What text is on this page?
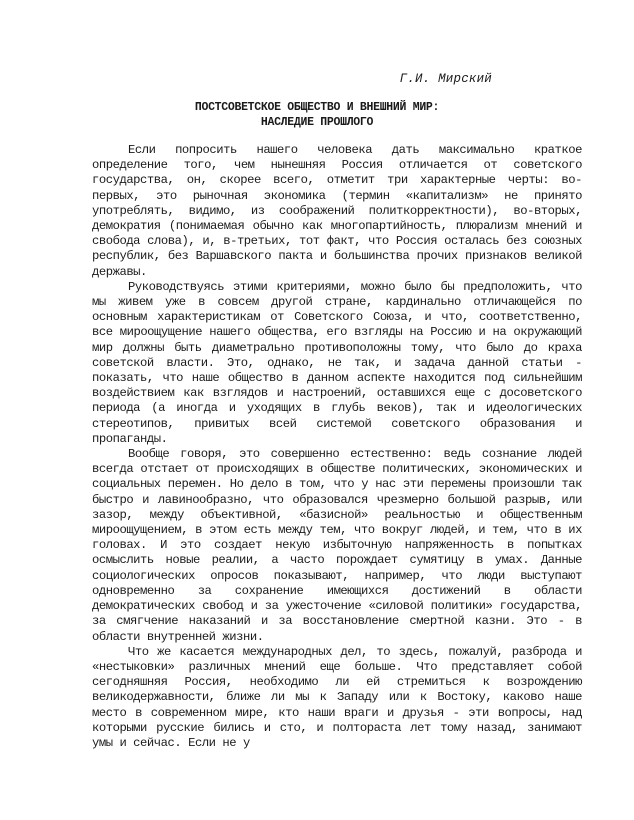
Г.И. Мирский
ПОСТСОВЕТСКОЕ ОБЩЕСТВО И ВНЕШНИЙ МИР:
НАСЛЕДИЕ ПРОШЛОГО

Если попросить нашего человека дать максимально краткое определение того, чем нынешняя Россия отличается от советского государства, он, скорее всего, отметит три характерные черты: во-первых, это рыночная экономика (термин «капитализм» не принято употреблять, видимо, из соображений политкорректности), во-вторых, демократия (понимаемая обычно как многопартийность, плюрализм мнений и свобода слова), и, в-третьих, тот факт, что Россия осталась без союзных республик, без Варшавского пакта и большинства прочих признаков великой державы.

Руководствуясь этими критериями, можно было бы предположить, что мы живем уже в совсем другой стране, кардинально отличающейся по основным характеристикам от Советского Союза, и что, соответственно, все мироощущение нашего общества, его взгляды на Россию и на окружающий мир должны быть диаметрально противоположны тому, что было до краха советской власти. Это, однако, не так, и задача данной статьи - показать, что наше общество в данном аспекте находится под сильнейшим воздействием как взглядов и настроений, оставшихся еще с досоветского периода (а иногда и уходящих в глубь веков), так и идеологических стереотипов, привитых всей системой советского образования и пропаганды.

Вообще говоря, это совершенно естественно: ведь сознание людей всегда отстает от происходящих в обществе политических, экономических и социальных перемен. Но дело в том, что у нас эти перемены произошли так быстро и лавинообразно, что образовался чрезмерно большой разрыв, или зазор, между объективной, «базисной» реальностью и общественным мироощущением, в этом есть между тем, что вокруг людей, и тем, что в их головах. И это создает некую избыточную напряженность в попытках осмыслить новые реалии, а часто порождает сумятицу в умах. Данные социологических опросов показывают, например, что люди выступают одновременно за сохранение имеющихся достижений в области демократических свобод и за ужесточение «силовой политики» государства, за смягчение наказаний и за восстановление смертной казни. Это - в области внутренней жизни.

Что же касается международных дел, то здесь, пожалуй, разброда и «нестыковки» различных мнений еще больше. Что представляет собой сегодняшняя Россия, необходимо ли ей стремиться к возрождению великодержавности, ближе ли мы к Западу или к Востоку, каково наше место в современном мире, кто наши враги и друзья - эти вопросы, над которыми русские бились и сто, и полтораста лет тому назад, занимают умы и сейчас. Если не у
